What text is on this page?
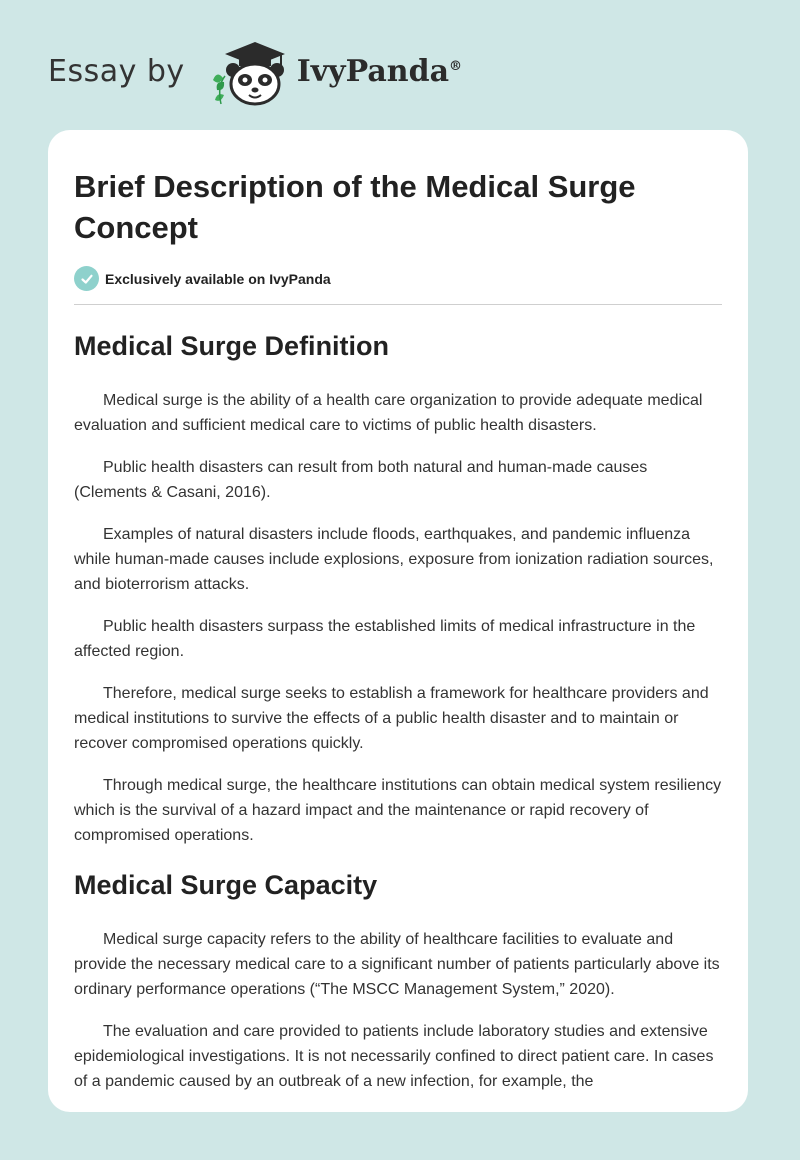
Essay by	IvyPanda®
Brief Description of the Medical Surge Concept
Exclusively available on IvyPanda
Medical Surge Definition

Medical surge is the ability of a health care organization to provide adequate medical evaluation and sufficient medical care to victims of public health disasters.

Public health disasters can result from both natural and human-made causes (Clements & Casani, 2016).

Examples of natural disasters include floods, earthquakes, and pandemic influenza while human-made causes include explosions, exposure from ionization radiation sources, and bioterrorism attacks.

Public health disasters surpass the established limits of medical infrastructure in the affected region.

Therefore, medical surge seeks to establish a framework for healthcare providers and medical institutions to survive the effects of a public health disaster and to maintain or recover compromised operations quickly.

Through medical surge, the healthcare institutions can obtain medical system resiliency which is the survival of a hazard impact and the maintenance or rapid recovery of compromised operations.

Medical Surge Capacity

Medical surge capacity refers to the ability of healthcare facilities to evaluate and provide the necessary medical care to a significant number of patients particularly above its ordinary performance operations (“The MSCC Management System,” 2020).

The evaluation and care provided to patients include laboratory studies and extensive epidemiological investigations. It is not necessarily confined to direct patient care. In cases of a pandemic caused by an outbreak of a new infection, for example, the
